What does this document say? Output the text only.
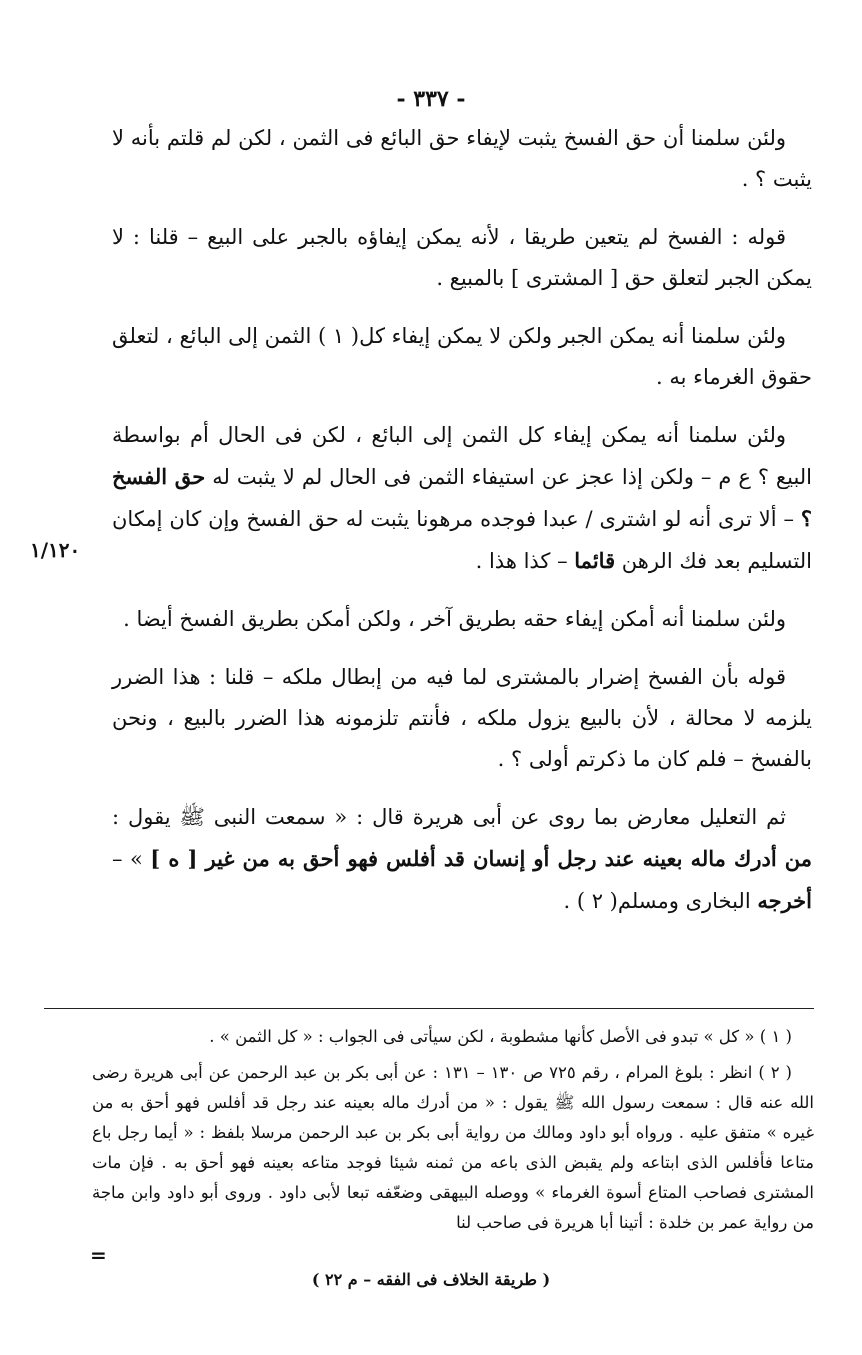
- ٣٣٧ -

ولئن سلمنا أن حق الفسخ يثبت لإيفاء حق البائع فى الثمن ، لكن لم قلتم بأنه لا يثبت ؟ .

قوله : الفسخ لم يتعين طريقا ، لأنه يمكن إيفاؤه بالجبر على البيع – قلنا : لا يمكن الجبر لتعلق حق [ المشترى ] بالمبيع .

ولئن سلمنا أنه يمكن الجبر ولكن لا يمكن إيفاء كل( ١ ) الثمن إلى البائع ، لتعلق حقوق الغرماء به .

ولئن سلمنا أنه يمكن إيفاء كل الثمن إلى البائع ، لكن فى الحال أم بواسطة البيع ؟ ع م – ولكن إذا عجز عن استيفاء الثمن فى الحال لم لا يثبت له حق الفسخ ؟ – ألا ترى أنه لو اشترى / عبدا فوجده مرهونا يثبت له حق الفسخ وإن كان إمكان التسليم بعد فك الرهن قائما – كذا هذا .

ولئن سلمنا أنه أمكن إيفاء حقه بطريق آخر ، ولكن أمكن بطريق الفسخ أيضا .

قوله بأن الفسخ إضرار بالمشترى لما فيه من إبطال ملكه – قلنا : هذا الضرر يلزمه لا محالة ، لأن بالبيع يزول ملكه ، فأنتم تلزمونه هذا الضرر بالبيع ، ونحن بالفسخ – فلم كان ما ذكرتم أولى ؟ .

ثم التعليل معارض بما روى عن أبى هريرة قال : « سمعت النبى ﷺ يقول : من أدرك ماله بعينه عند رجل أو إنسان قد أفلس فهو أحق به من غير [ ه ] » – أخرجه البخارى ومسلم( ٢ ) .

١/١٢٠

( ١ ) « كل » تبدو فى الأصل كأنها مشطوبة ، لكن سيأتى فى الجواب : « كل الثمن » .

( ٢ ) انظر : بلوغ المرام ، رقم ٧٢٥ ص ١٣٠ – ١٣١ : عن أبى بكر بن عبد الرحمن عن أبى هريرة رضى الله عنه قال : سمعت رسول الله ﷺ يقول : « من أدرك ماله بعينه عند رجل قد أفلس فهو أحق به من غيره » متفق عليه . ورواه أبو داود ومالك من رواية أبى بكر بن عبد الرحمن مرسلا بلفظ : « أيما رجل باع متاعا فأفلس الذى ابتاعه ولم يقبض الذى باعه من ثمنه شيئا فوجد متاعه بعينه فهو أحق به . فإن مات المشترى فصاحب المتاع أسوة الغرماء » ووصله البيهقى وضعّفه تبعا لأبى داود . وروى أبو داود وابن ماجة من رواية عمر بن خلدة : أتينا أبا هريرة فى صاحب لنا

=
( طريقة الخلاف فى الفقه – م ٢٢ )
